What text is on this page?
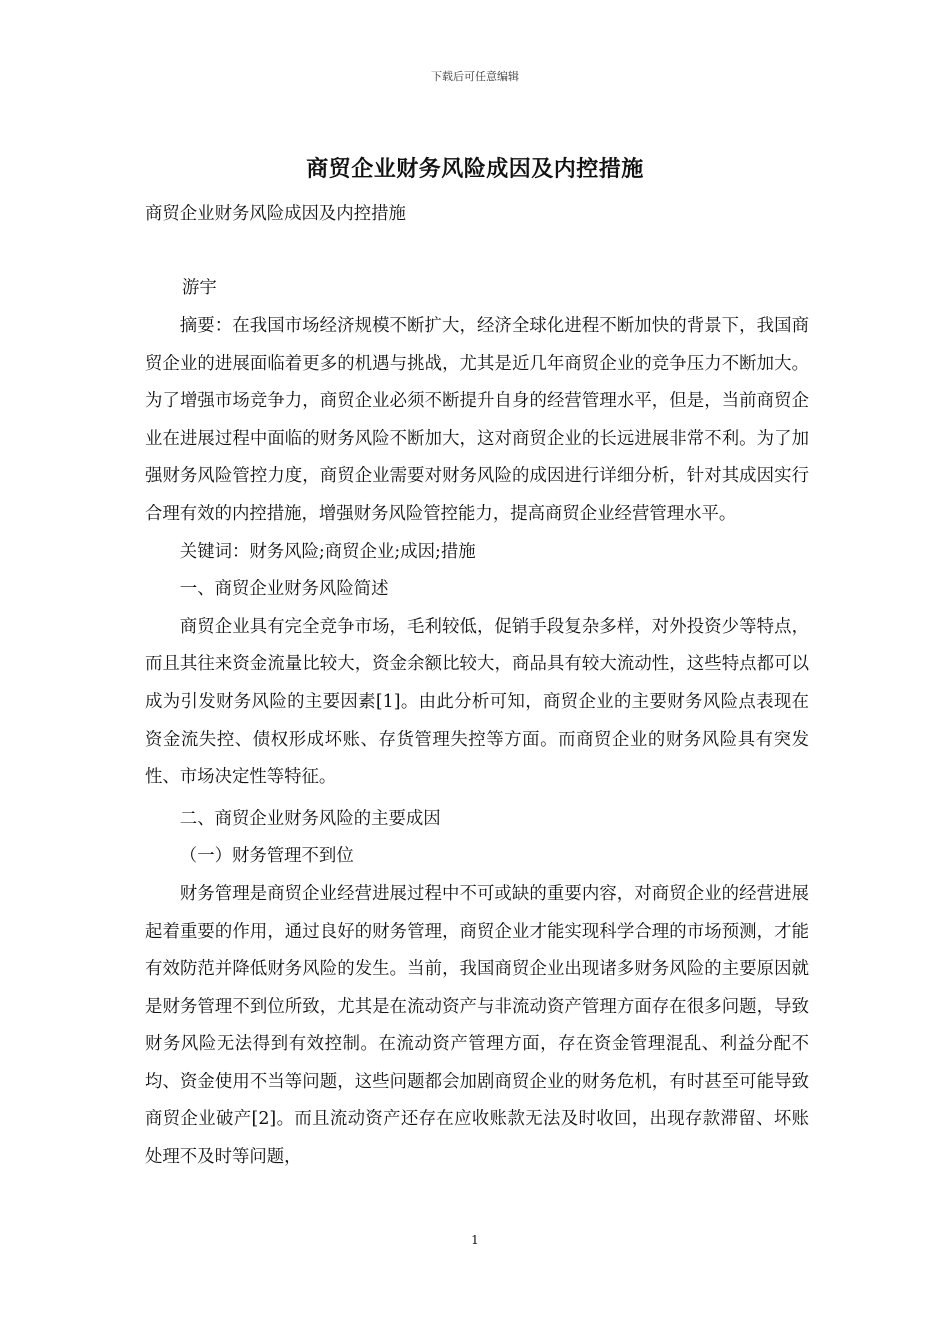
下载后可任意编辑
商贸企业财务风险成因及内控措施
商贸企业财务风险成因及内控措施
游宇

摘要：在我国市场经济规模不断扩大，经济全球化进程不断加快的背景下，我国商贸企业的进展面临着更多的机遇与挑战，尤其是近几年商贸企业的竞争压力不断加大。为了增强市场竞争力，商贸企业必须不断提升自身的经营管理水平，但是，当前商贸企业在进展过程中面临的财务风险不断加大，这对商贸企业的长远进展非常不利。为了加强财务风险管控力度，商贸企业需要对财务风险的成因进行详细分析，针对其成因实行合理有效的内控措施，增强财务风险管控能力，提高商贸企业经营管理水平。

关键词：财务风险;商贸企业;成因;措施

一、商贸企业财务风险简述

商贸企业具有完全竞争市场，毛利较低，促销手段复杂多样，对外投资少等特点，而且其往来资金流量比较大，资金余额比较大，商品具有较大流动性，这些特点都可以成为引发财务风险的主要因素[1]。由此分析可知，商贸企业的主要财务风险点表现在资金流失控、债权形成坏账、存货管理失控等方面。而商贸企业的财务风险具有突发性、市场决定性等特征。

二、商贸企业财务风险的主要成因

（一）财务管理不到位

财务管理是商贸企业经营进展过程中不可或缺的重要内容，对商贸企业的经营进展起着重要的作用，通过良好的财务管理，商贸企业才能实现科学合理的市场预测，才能有效防范并降低财务风险的发生。当前，我国商贸企业出现诸多财务风险的主要原因就是财务管理不到位所致，尤其是在流动资产与非流动资产管理方面存在很多问题，导致财务风险无法得到有效控制。在流动资产管理方面，存在资金管理混乱、利益分配不均、资金使用不当等问题，这些问题都会加剧商贸企业的财务危机，有时甚至可能导致商贸企业破产[2]。而且流动资产还存在应收账款无法及时收回，出现存款滞留、坏账处理不及时等问题，

1
